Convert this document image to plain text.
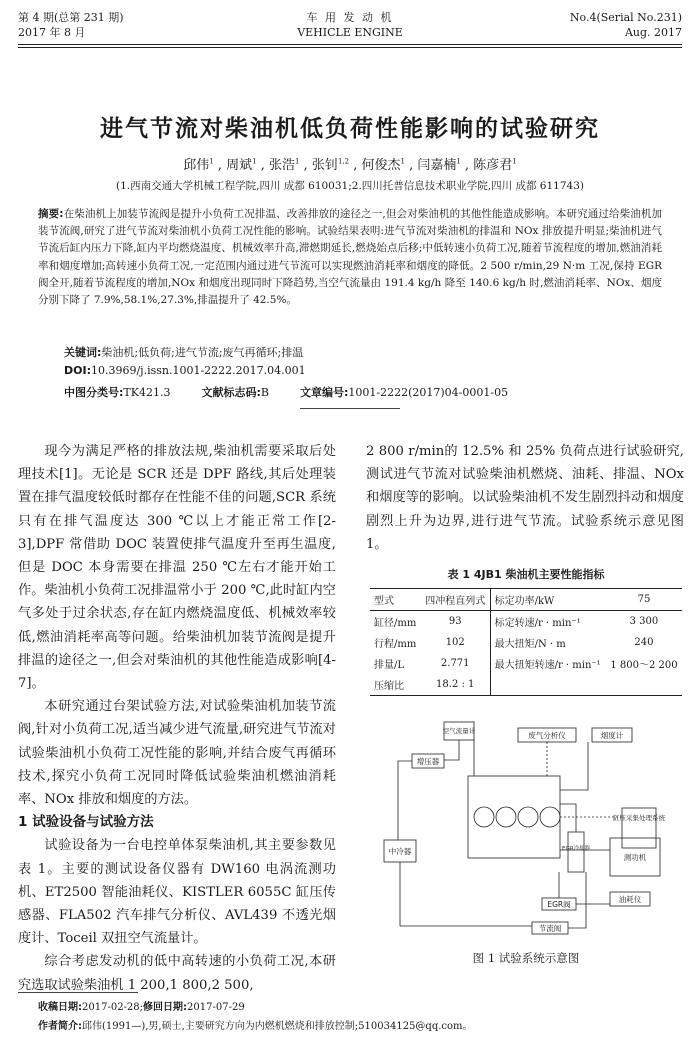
第 4 期(总第 231 期)
2017 年 8 月
车 用 发 动 机
VEHICLE ENGINE
No.4(Serial No.231)
Aug. 2017
进气节流对柴油机低负荷性能影响的试验研究
邱伟$^1$ , 周斌$^1$ , 张浩$^1$ , 张钊$^{1,2}$ , 何俊杰$^1$ , 闫嘉楠$^1$ , 陈彦君$^1$
(1.西南交通大学机械工程学院,四川 成都 610031;2.四川托普信息技术职业学院,四川 成都 611743)
摘要:在柴油机上加装节流阀是提升小负荷工况排温、改善排放的途径之一,但会对柴油机的其他性能造成影响。本研究通过给柴油机加装节流阀,研究了进气节流对柴油机小负荷工况性能的影响。试验结果表明:进气节流对柴油机的排温和 NOx 排放提升明显;柴油机进气节流后缸内压力下降,缸内平均燃烧温度、机械效率升高,滞燃期延长,燃烧始点后移;中低转速小负荷工况,随着节流程度的增加,燃油消耗率和烟度增加;高转速小负荷工况,一定范围内通过进气节流可以实现燃油消耗率和烟度的降低。2 500 r/min,29 N·m 工况,保持 EGR 阀全开,随着节流程度的增加,NOx 和烟度出现同时下降趋势,当空气流量由 191.4 kg/h 降至 140.6 kg/h 时,燃油消耗率、NOx、烟度分别下降了 7.9%,58.1%,27.3%,排温提升了 42.5%。
关键词:柴油机;低负荷;进气节流;废气再循环;排温
DOI:10.3969/j.issn.1001-2222.2017.04.001
中图分类号:TK421.3	文献标志码:B	文章编号:1001-2222(2017)04-0001-05

现今为满足严格的排放法规,柴油机需要采取后处理技术[1]。无论是 SCR 还是 DPF 路线,其后处理装置在排气温度较低时都存在性能不佳的问题,SCR 系统只有在排气温度达 300 ℃以上才能正常工作[2-3],DPF 常借助 DOC 装置使排气温度升至再生温度,但是 DOC 本身需要在排温 250 ℃左右才能开始工作。柴油机小负荷工况排温常小于 200 ℃,此时缸内空气多处于过余状态,存在缸内燃烧温度低、机械效率较低,燃油消耗率高等问题。给柴油机加装节流阀是提升排温的途径之一,但会对柴油机的其他性能造成影响[4-7]。

本研究通过台架试验方法,对试验柴油机加装节流阀,针对小负荷工况,适当减少进气流量,研究进气节流对试验柴油机小负荷工况性能的影响,并结合废气再循环技术,探究小负荷工况同时降低试验柴油机燃油消耗率、NOx 排放和烟度的方法。

1 试验设备与试验方法

试验设备为一台电控单体泵柴油机,其主要参数见表 1。主要的测试设备仪器有 DW160 电涡流测功机、ET2500 智能油耗仪、KISTLER 6055C 缸压传感器、FLA502 汽车排气分析仪、AVL439 不透光烟度计、Toceil 双扭空气流量计。

综合考虑发动机的低中高转速的小负荷工况,本研究选取试验柴油机 1 200,1 800,2 500,

2 800 r/min的 12.5% 和 25% 负荷点进行试验研究,测试进气节流对试验柴油机燃烧、油耗、排温、NOx 和烟度等的影响。以试验柴油机不发生剧烈抖动和烟度剧烈上升为边界,进行进气节流。试验系统示意见图 1。

表 1 4JB1 柴油机主要性能指标
型式	四冲程直列式	标定功率/kW	75
缸径/mm	93	标定转速/r · min⁻¹	3 300
行程/mm	102	最大扭矩/N · m	240
排量/L	2.771	最大扭矩转速/r · min⁻¹	1 800～2 200
压缩比	18.2 : 1		
空气流量计	废气分析仪	烟度计
增压器
缸压采集处理系统
中冷器	EGR冷却器
测功机
油耗仪
EGR阀
节流阀
图 1 试验系统示意图
收稿日期:2017-02-28;修回日期:2017-07-29
作者简介:邱伟(1991—),男,硕士,主要研究方向为内燃机燃烧和排放控制;510034125@qq.com。
